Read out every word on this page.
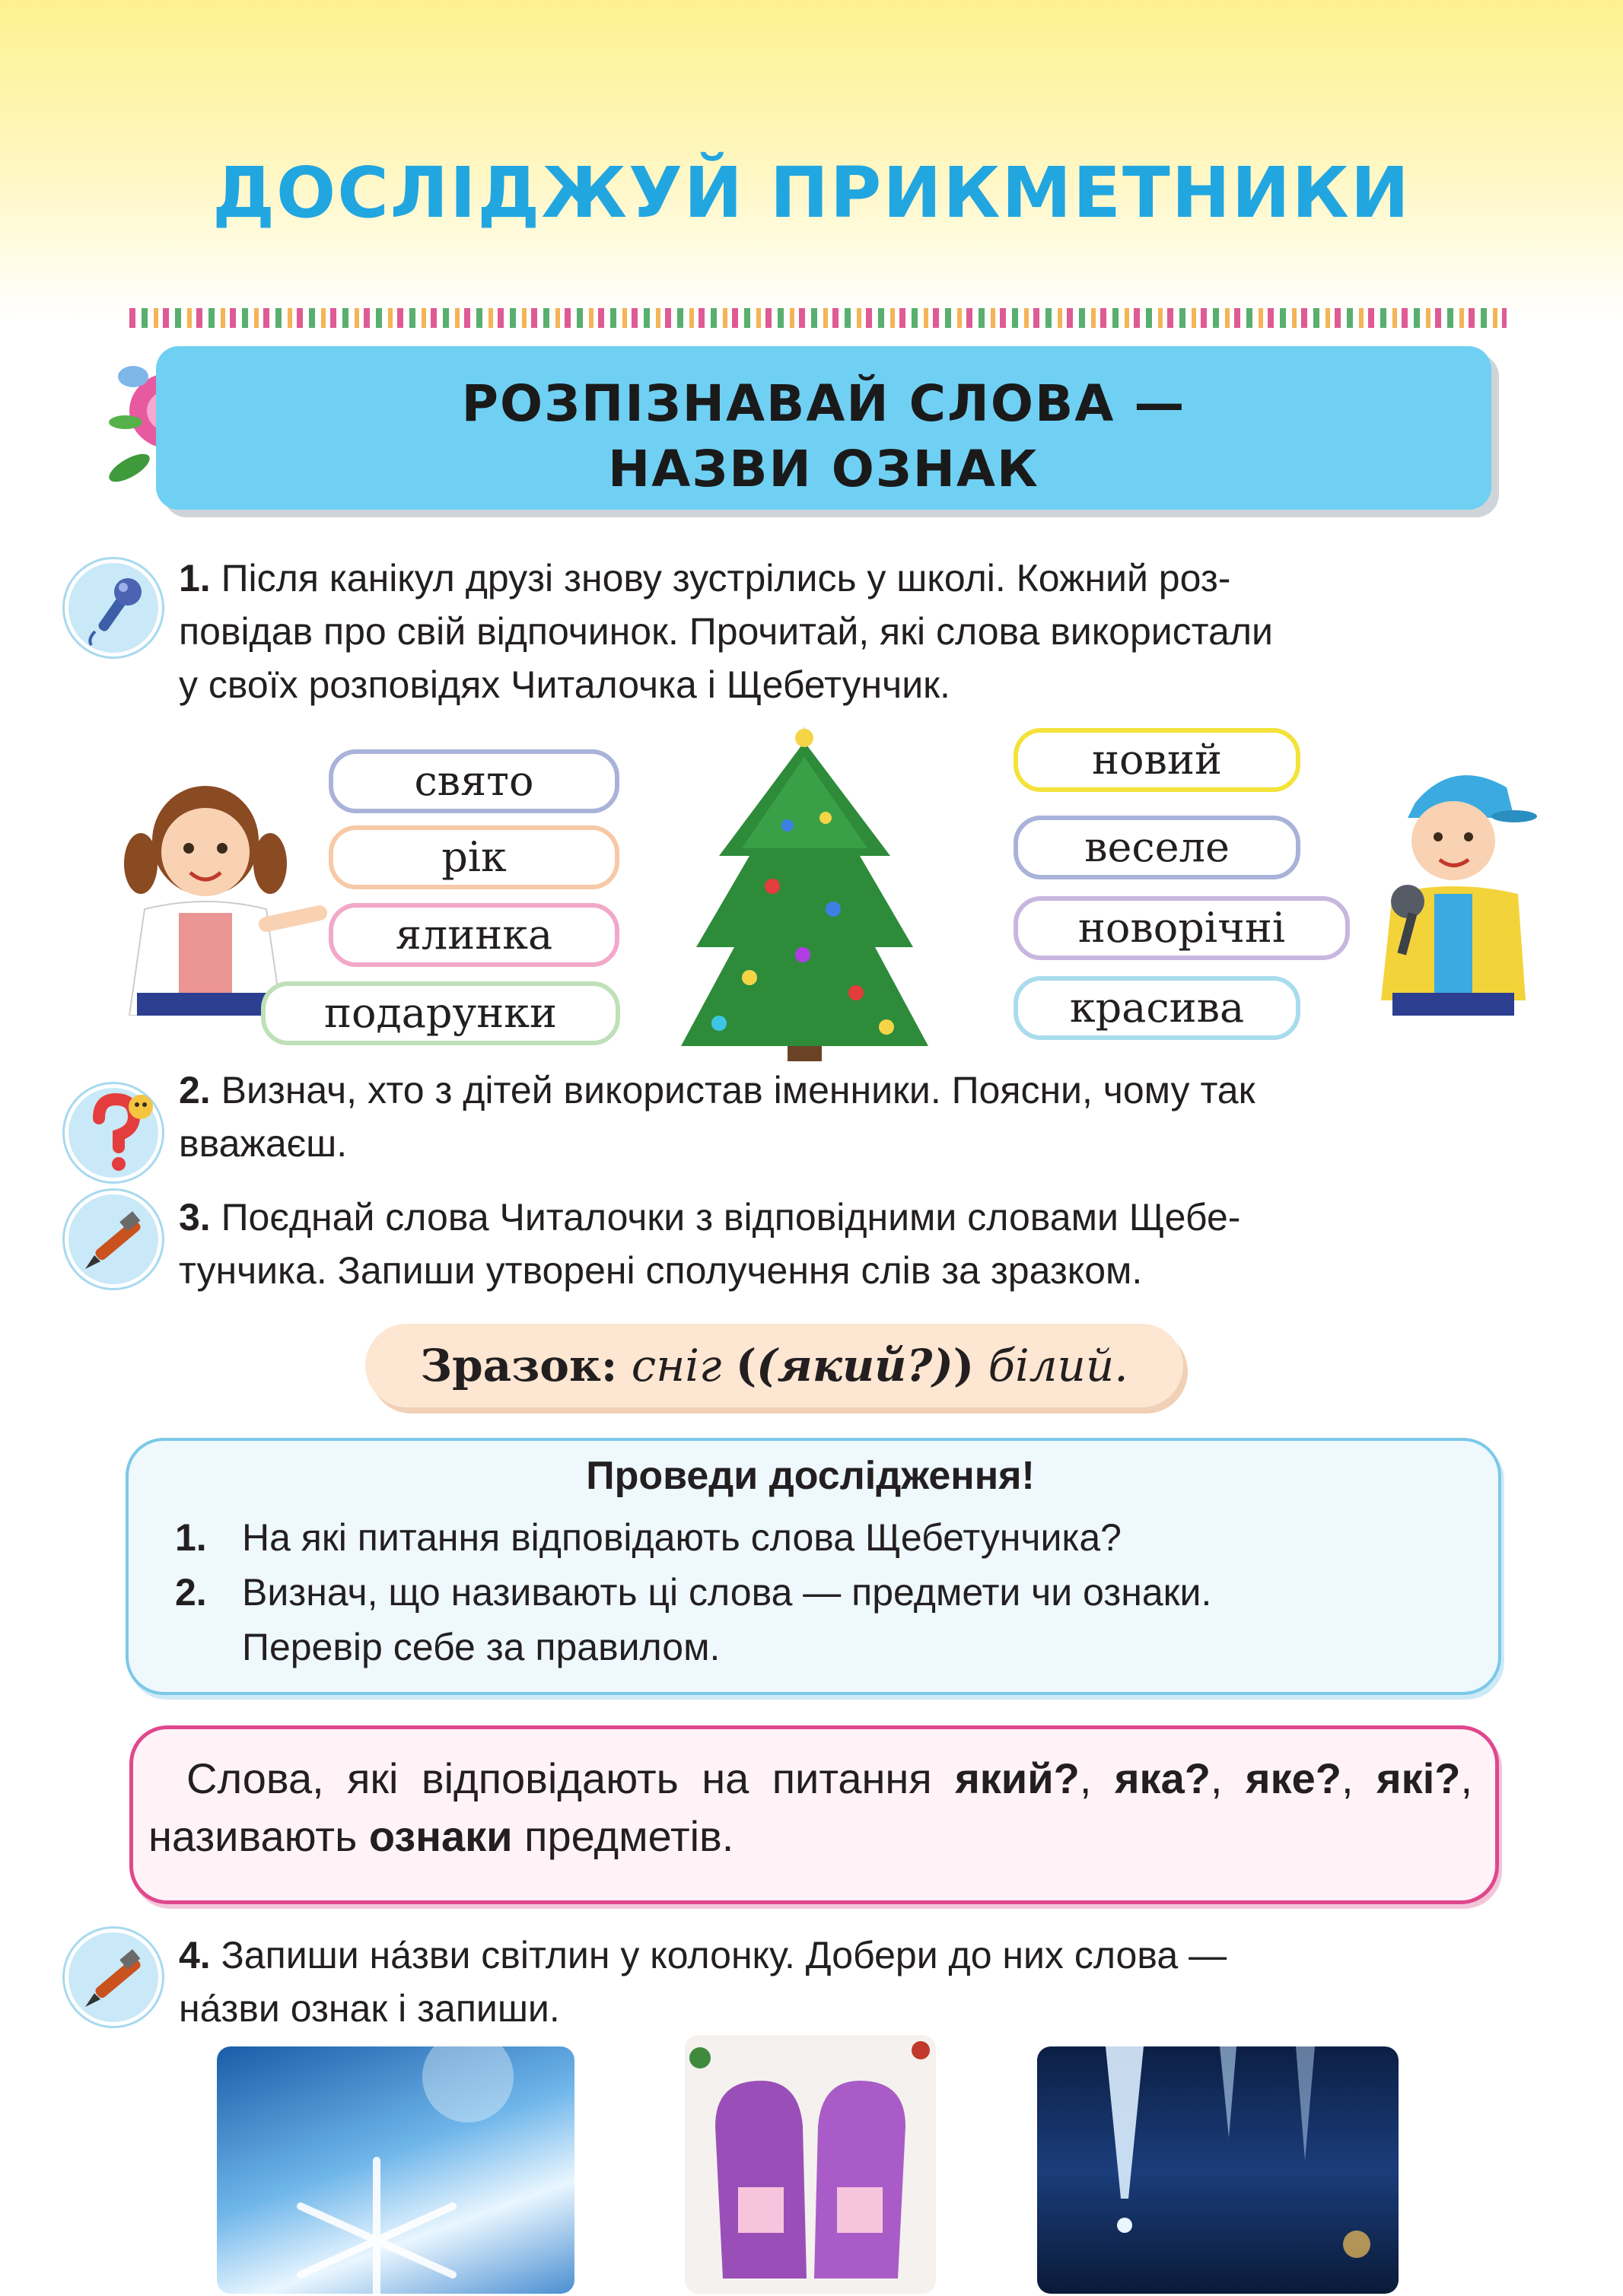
ДОСЛІДЖУЙ ПРИКМЕТНИКИ
РОЗПІЗНАВАЙ СЛОВА —
НАЗВИ ОЗНАК
1. Після канікул друзі знову зустрілись у школі. Кожний роз-
повідав про свій відпочинок. Прочитай, які слова використали
у своїх розповідях Читалочка і Щебетунчик.
свято
рік
ялинка
подарунки
новий
веселе
новорічні
красива
2. Визнач, хто з дітей використав іменники. Поясни, чому так
вважаєш.
3. Поєднай слова Читалочки з відповідними словами Щебе-
тунчика. Запиши утворені сполучення слів за зразком.
Зразок: сніг ((який?)) білий.
Проведи дослідження!
1. На які питання відповідають слова Щебетунчика?
2. Визнач, що називають ці слова — предмети чи ознаки.
Перевір себе за правилом.
Слова, які відповідають на питання який?, яка?, яке?, які?, називають ознаки предметів.
4. Запиши на́зви світлин у колонку. Добери до них слова —
на́зви ознак і запиши.
